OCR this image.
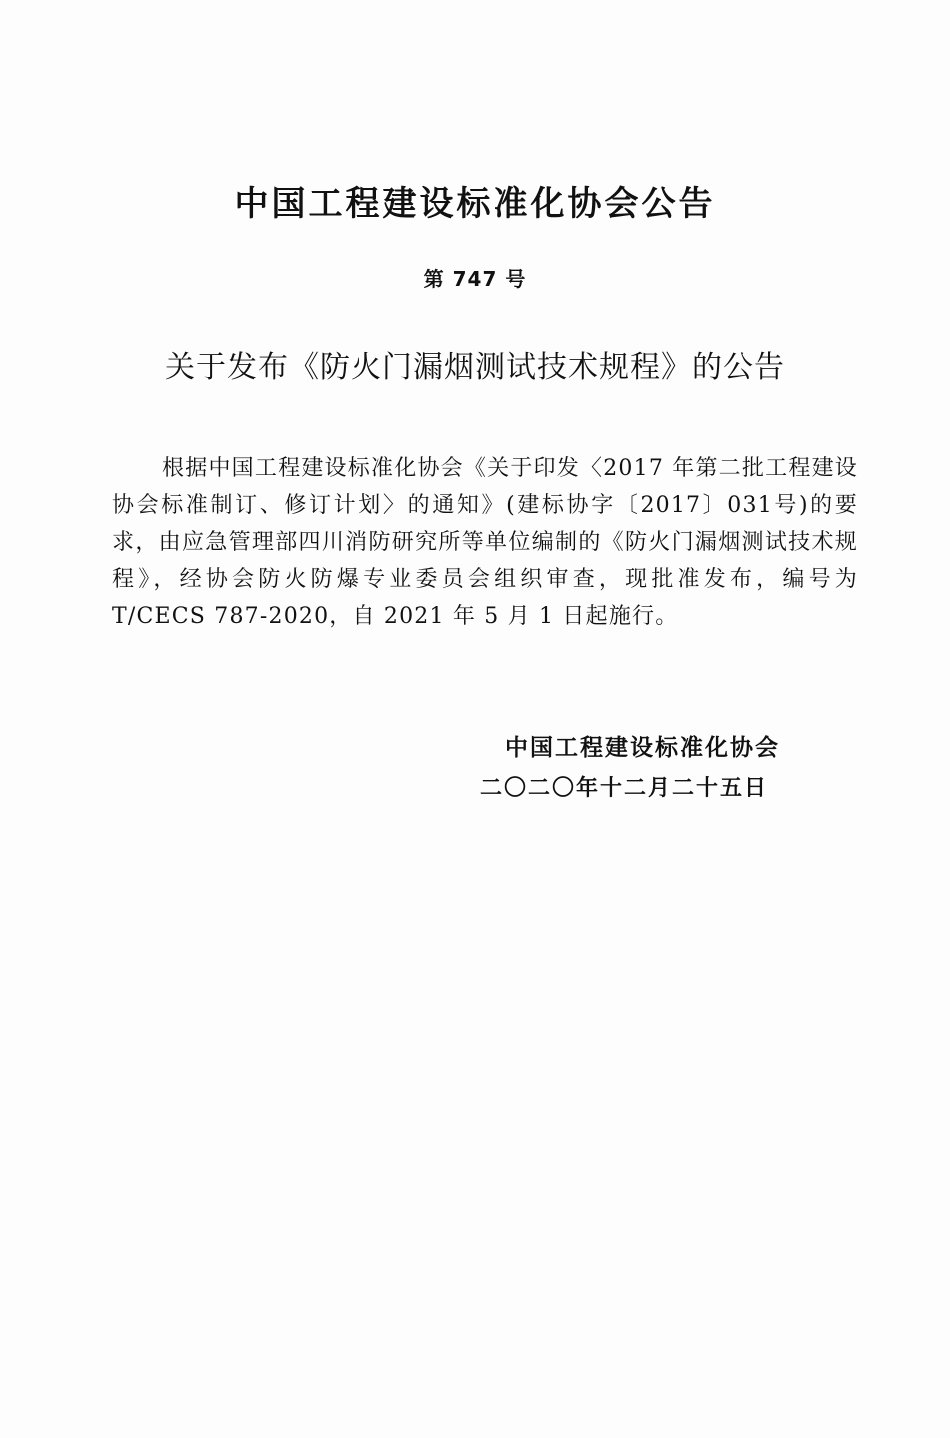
中国工程建设标准化协会公告
第 747 号
关于发布《防火门漏烟测试技术规程》的公告

根据中国工程建设标准化协会《关于印发〈2017 年第二批工程建设协会标准制订、修订计划〉的通知》(建标协字〔2017〕031号)的要求，由应急管理部四川消防研究所等单位编制的《防火门漏烟测试技术规程》，经协会防火防爆专业委员会组织审查，现批准发布，编号为 T/CECS 787-2020，自 2021 年 5 月 1 日起施行。

中国工程建设标准化协会
二〇二〇年十二月二十五日
